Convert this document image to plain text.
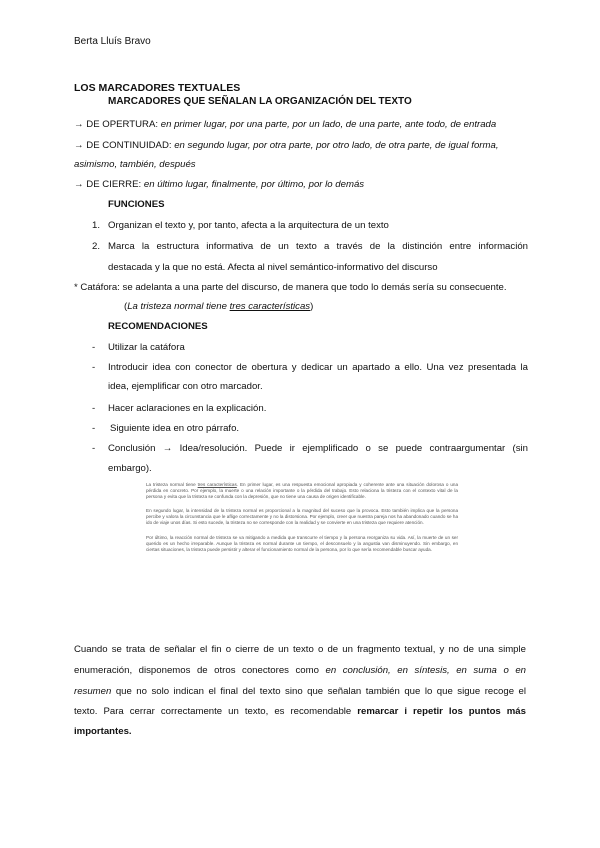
Berta Lluís Bravo
LOS MARCADORES TEXTUALES
MARCADORES QUE SEÑALAN LA ORGANIZACIÓN DEL TEXTO
→ DE OPERTURA: en primer lugar, por una parte, por un lado, de una parte, ante todo, de entrada
→ DE CONTINUIDAD: en segundo lugar, por otra parte, por otro lado, de otra parte, de igual forma,
asimismo, también, después
→ DE CIERRE: en último lugar, finalmente, por último, por lo demás
FUNCIONES
1. Organizan el texto y, por tanto, afecta a la arquitectura de un texto
2. Marca la estructura informativa de un texto a través de la distinción entre información
destacada y la que no está. Afecta al nivel semántico-informativo del discurso
* Catáfora: se adelanta a una parte del discurso, de manera que todo lo demás sería su consecuente.
(La tristeza normal tiene tres características)
RECOMENDACIONES
- Utilizar la catáfora
- Introducir idea con conector de obertura y dedicar un apartado a ello. Una vez presentada la
idea, ejemplificar con otro marcador.
- Hacer aclaraciones en la explicación.
- Siguiente idea en otro párrafo.
- Conclusión → Idea/resolución. Puede ir ejemplificado o se puede contraargumentar (sin
embargo).

La tristeza normal tiene tres características. En primer lugar, es una respuesta emocional apropiada y coherente ante una situación dolorosa o una pérdida en concreto. Por ejemplo, la muerte o una relación importante o la pérdida del trabajo. Esto relaciona la tristeza con el contexto vital de la persona y evita que la tristeza se confunda con la depresión, que no tiene una causa de origen identificable.

En segundo lugar, la intensidad de la tristeza normal es proporcional a la magnitud del suceso que la provoca. Esto también implica que la persona percibe y valora la circunstancia que le aflige correctamente y no la distorsiona. Por ejemplo, creer que nuestra pareja nos ha abandonado cuando se ha ido de viaje unos días. Si esto sucede, la tristeza no se corresponde con la realidad y se convierte en una tristeza que requiere atención.

Por último, la reacción normal de tristeza se va mitigando a medida que transcurre el tiempo y la persona reorganiza su vida. Así, la muerte de un ser querido es un hecho irreparable. Aunque la tristeza es normal durante un tiempo, el desconsuelo y la angustia van disminuyendo. Sin embargo, en ciertas situaciones, la tristeza puede persistir y alterar el funcionamiento normal de la persona, por lo que sería recomendable buscar ayuda.

Cuando se trata de señalar el fin o cierre de un texto o de un fragmento textual, y no de una simple
enumeración, disponemos de otros conectores como en conclusión, en síntesis, en suma o en
resumen que no solo indican el final del texto sino que señalan también que lo que sigue recoge el
texto. Para cerrar correctamente un texto, es recomendable remarcar i repetir los puntos más
importantes.
